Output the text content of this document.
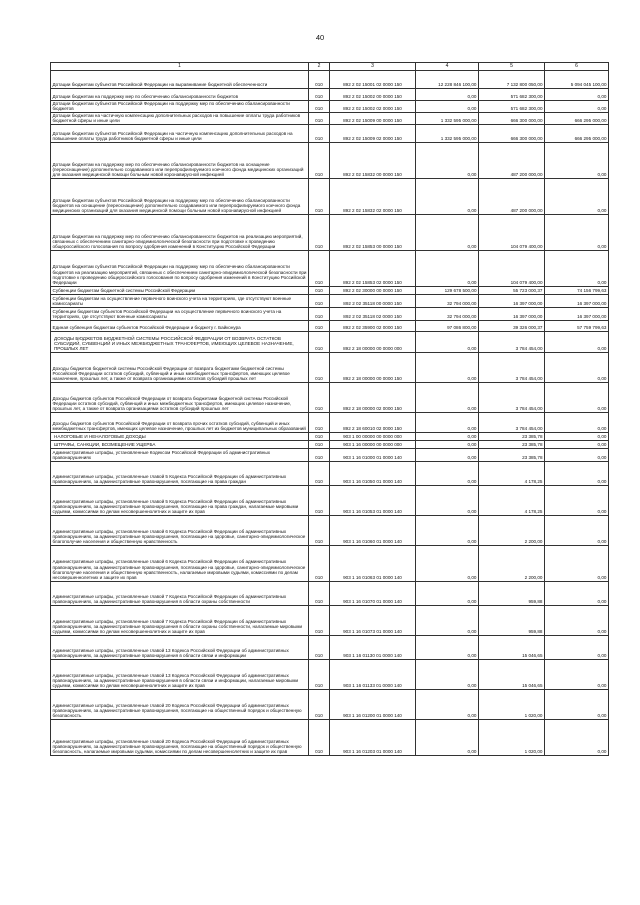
40
1	2	3	4	5	6
Дотации бюджетам субъектов Российской Федерации на выравнивание бюджетной обеспеченности	010	892 2 02 15001 02 0000 150	12 228 846 100,00	7 132 800 050,00	5 094 045 100,00
Дотации бюджетам на поддержку мер по обеспечению сбалансированности бюджетов	010	892 2 02 15002 00 0000 150	0,00	571 682 300,00	0,00
Дотации бюджетам субъектов Российской Федерации на поддержку мер по обеспечению сбалансированности бюджетов	010	892 2 02 15002 02 0000 150	0,00	571 682 300,00	0,00
Дотации бюджетам на частичную компенсацию дополнительных расходов на повышение оплаты труда работников бюджетной сферы и иные цели	010	892 2 02 15009 00 0000 150	1 332 595 000,00	666 300 000,00	666 295 000,00
Дотации бюджетам субъектов Российской Федерации на частичную компенсацию дополнительных расходов на повышение оплаты труда работников бюджетной сферы и иные цели	010	892 2 02 15009 02 0000 150	1 332 595 000,00	666 300 000,00	666 295 000,00
Дотации бюджетам на поддержку мер по обеспечению сбалансированности бюджетов на оснащение (переоснащение) дополнительно создаваемого или перепрофилируемого коечного фонда медицинских организаций для оказания медицинской помощи больным новой коронавирусной инфекцией	010	892 2 02 15832 00 0000 150	0,00	487 200 000,00	0,00
Дотации бюджетам субъектов Российской Федерации на поддержку мер по обеспечению сбалансированности бюджетов на оснащение (переоснащение) дополнительно создаваемого или перепрофилируемого коечного фонда медицинских организаций для оказания медицинской помощи больным новой коронавирусной инфекцией	010	892 2 02 15832 02 0000 150	0,00	487 200 000,00	0,00
Дотации бюджетам на поддержку мер по обеспечению сбалансированности бюджетов на реализацию мероприятий, связанных с обеспечением санитарно-эпидемиологической безопасности при подготовке к проведению общероссийского голосования по вопросу одобрения изменений в Конституцию Российской Федерации	010	892 2 02 15853 00 0000 150	0,00	104 079 400,00	0,00
Дотации бюджетам субъектов Российской Федерации на поддержку мер по обеспечению сбалансированности бюджетов на реализацию мероприятий, связанных с обеспечением санитарно-эпидемиологической безопасности при подготовке к проведению общероссийского голосования по вопросу одобрения изменений в Конституцию Российской Федерации	010	892 2 02 15853 02 0000 150	0,00	104 079 400,00	0,00
Субвенции бюджетам бюджетной системы Российской Федерации	010	892 2 02 30000 00 0000 150	129 678 500,00	55 723 000,37	74 156 799,63
Субвенции бюджетам на осуществление первичного воинского учета на территориях, где отсутствуют военные комиссариаты	010	892 2 02 35118 00 0000 150	32 794 000,00	16 397 000,00	16 397 000,00
Субвенции бюджетам субъектов Российской Федерации на осуществление первичного воинского учета на территориях, где отсутствуют военные комиссариаты	010	892 2 02 35118 02 0000 150	32 794 000,00	16 397 000,00	16 397 000,00
Единая субвенция бюджетам субъектов Российской Федерации и бюджету г. Байконура	010	892 2 02 35900 02 0000 150	97 086 800,00	39 326 000,37	57 759 799,63
ДОХОДЫ БЮДЖЕТОВ БЮДЖЕТНОЙ СИСТЕМЫ РОССИЙСКОЙ ФЕДЕРАЦИИ ОТ ВОЗВРАТА ОСТАТКОВ СУБСИДИЙ, СУБВЕНЦИЙ И ИНЫХ МЕЖБЮДЖЕТНЫХ ТРАНСФЕРТОВ, ИМЕЮЩИХ ЦЕЛЕВОЕ НАЗНАЧЕНИЕ, ПРОШЛЫХ ЛЕТ	010	892 2 18 00000 00 0000 000	0,00	3 784 454,00	0,00
Доходы бюджетов бюджетной системы Российской Федерации от возврата бюджетами бюджетной системы Российской Федерации остатков субсидий, субвенций и иных межбюджетных трансфертов, имеющих целевое назначение, прошлых лет, а также от возврата организациями остатков субсидий прошлых лет	010	892 2 18 00000 00 0000 150	0,00	3 784 454,00	0,00
Доходы бюджетов субъектов Российской Федерации от возврата бюджетами бюджетной системы Российской Федерации остатков субсидий, субвенций и иных межбюджетных трансфертов, имеющих целевое назначение, прошлых лет, а также от возврата организациями остатков субсидий прошлых лет	010	892 2 18 00000 02 0000 150	0,00	3 784 454,00	0,00
Доходы бюджетов субъектов Российской Федерации от возврата прочих остатков субсидий, субвенций и иных межбюджетных трансфертов, имеющих целевое назначение, прошлых лет из бюджетов муниципальных образований	010	892 2 18 60010 02 0000 150	0,00	3 784 454,00	0,00
НАЛОГОВЫЕ И НЕНАЛОГОВЫЕ ДОХОДЫ	010	903 1 00 00000 00 0000 000	0,00	23 385,78	0,00
ШТРАФЫ, САНКЦИИ, ВОЗМЕЩЕНИЕ УЩЕРБА	010	903 1 16 00000 00 0000 000	0,00	23 385,78	0,00
Административные штрафы, установленные Кодексом Российской Федерации об административных правонарушениях	010	903 1 16 01000 01 0000 140	0,00	23 385,78	0,00
Административные штрафы, установленные главой 5 Кодекса Российской Федерации об административных правонарушениях, за административные правонарушения, посягающие на права граждан	010	903 1 16 01050 01 0000 140	0,00	4 178,25	0,00
Административные штрафы, установленные главой 5 Кодекса Российской Федерации об административных правонарушениях, за административные правонарушения, посягающие на права граждан, налагаемые мировыми судьями, комиссиями по делам несовершеннолетних и защите их прав	010	903 1 16 01053 01 0000 140	0,00	4 178,25	0,00
Административные штрафы, установленные главой 6 Кодекса Российской Федерации об административных правонарушениях, за административные правонарушения, посягающие на здоровье, санитарно-эпидемиологическое благополучие населения и общественную нравственность	010	903 1 16 01060 01 0000 140	0,00	2 200,00	0,00
Административные штрафы, установленные главой 6 Кодекса Российской Федерации об административных правонарушениях, за административные правонарушения, посягающие на здоровье, санитарно-эпидемиологическое благополучие населения и общественную нравственность, налагаемые мировыми судьями, комиссиями по делам несовершеннолетних и защите их прав	010	903 1 16 01063 01 0000 140	0,00	2 200,00	0,00
Административные штрафы, установленные главой 7 Кодекса Российской Федерации об административных правонарушениях, за административные правонарушения в области охраны собственности	010	903 1 16 01070 01 0000 140	0,00	959,88	0,00
Административные штрафы, установленные главой 7 Кодекса Российской Федерации об административных правонарушениях, за административные правонарушения в области охраны собственности, налагаемые мировыми судьями, комиссиями по делам несовершеннолетних и защите их прав	010	903 1 16 01073 01 0000 140	0,00	959,88	0,00
Административные штрафы, установленные главой 13 Кодекса Российской Федерации об административных правонарушениях, за административные правонарушения в области связи и информации	010	903 1 16 01130 01 0000 140	0,00	15 046,65	0,00
Административные штрафы, установленные главой 13 Кодекса Российской Федерации об административных правонарушениях, за административные правонарушения в области связи и информации, налагаемые мировыми судьями, комиссиями по делам несовершеннолетних и защите их прав	010	903 1 16 01133 01 0000 140	0,00	15 046,65	0,00
Административные штрафы, установленные главой 20 Кодекса Российской Федерации об административных правонарушениях, за административные правонарушения, посягающие на общественный порядок и общественную безопасность	010	903 1 16 01200 01 0000 140	0,00	1 020,00	0,00
Административные штрафы, установленные главой 20 Кодекса Российской Федерации об административных правонарушениях, за административные правонарушения, посягающие на общественный порядок и общественную безопасность, налагаемые мировыми судьями, комиссиями по делам несовершеннолетних и защите их прав	010	903 1 16 01203 01 0000 140	0,00	1 020,00	0,00
